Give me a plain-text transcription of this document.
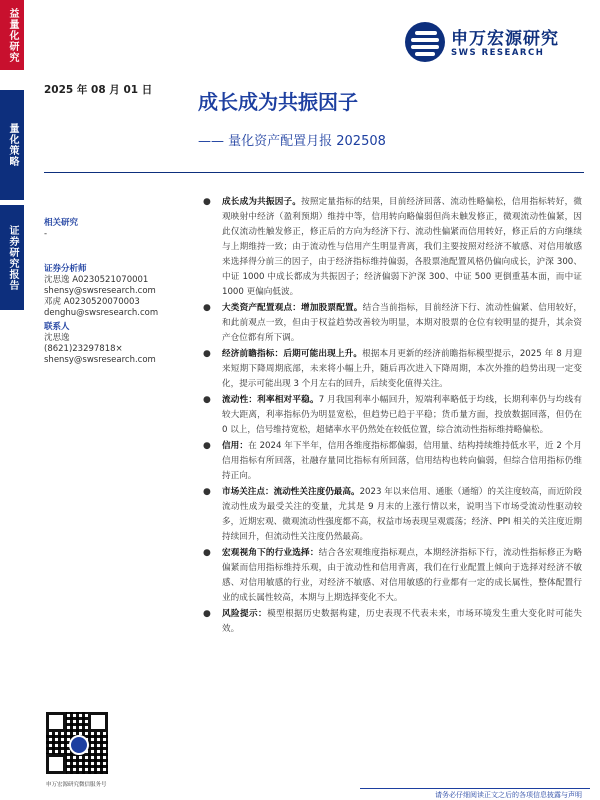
益量化研究
量化策略
证券研究报告
申万宏源研究
SWS RESEARCH
2025 年 08 月 01 日 成长成为共振因子
—— 量化资产配置月报 202508
相关研究
-
证券分析师
沈思逸 A0230521070001
shensy@swsresearch.com
邓虎 A0230520070003
denghu@swsresearch.com
联系人
沈思逸
(8621)23297818×
shensy@swsresearch.com
● 成长成为共振因子。按照定量指标的结果，目前经济回落、流动性略偏松，信用指标转好，微观映射中经济（盈利预期）维持中等，信用转向略偏弱但尚未触发修正，微观流动性偏紧，因此仅流动性触发修正，修正后的方向为经济下行、流动性偏紧而信用转好，修正后的方向继续与上期维持一致；由于流动性与信用产生明显背离，我们主要按照对经济不敏感、对信用敏感来选择得分前三的因子，由于经济指标维持偏弱，各股票池配置风格仍偏向成长，沪深 300、中证 1000 中成长都成为共振因子；经济偏弱下沪深 300、中证 500 更倒重基本面，而中证 1000 更偏向低波。
● 大类资产配置观点：增加股票配置。结合当前指标，目前经济下行、流动性偏紧、信用较好，和此前观点一致，但由于权益趋势改善较为明显，本期对股票的仓位有较明显的提升，其余资产仓位都有所下调。
● 经济前瞻指标：后期可能出现上升。根据本月更新的经济前瞻指标模型提示，2025 年 8 月迎来短期下降周期底部，未来将小幅上升，随后再次进入下降周期，本次外推的趋势出现一定变化，提示可能出现 3 个月左右的回升，后续变化值得关注。
● 流动性：利率相对平稳。7 月我国利率小幅回升，短端利率略低于均线，长期利率仍与均线有较大距离，利率指标仍为明显宽松，但趋势已趋于平稳；货币量方面，投放数据回落，但仍在 0 以上，信号维持宽松，超储率水平仍然处在较低位置，综合流动性指标维持略偏松。
● 信用：在 2024 年下半年，信用各维度指标都偏弱，信用量、结构持续维持低水平，近 2 个月信用指标有所回落，社融存量同比指标有所回落，信用结构也转向偏弱，但综合信用指标仍维持正向。
● 市场关注点：流动性关注度仍最高。2023 年以来信用、通胀（通缩）的关注度较高，而近阶段流动性成为最受关注的变量，尤其是 9 月末的上涨行情以来，说明当下市场受流动性驱动较多，近期宏观、微观流动性强度都不高，权益市场表现呈观震荡；经济、PPI 相关的关注度近期持续回升，但流动性关注度仍然最高。
● 宏观视角下的行业选择：结合各宏观维度指标观点，本期经济指标下行，流动性指标修正为略偏紧而信用指标维持乐观，由于流动性和信用背离，我们在行业配置上倾向于选择对经济不敏感、对信用敏感的行业，对经济不敏感、对信用敏感的行业都有一定的成长属性，整体配置行业的成长属性较高，本期与上期选择变化不大。
● 风险提示：模型根据历史数据构建，历史表现不代表未来，市场环境发生重大变化时可能失效。
申万宏源研究微信服务号
请务必仔细阅读正文之后的各项信息披露与声明
